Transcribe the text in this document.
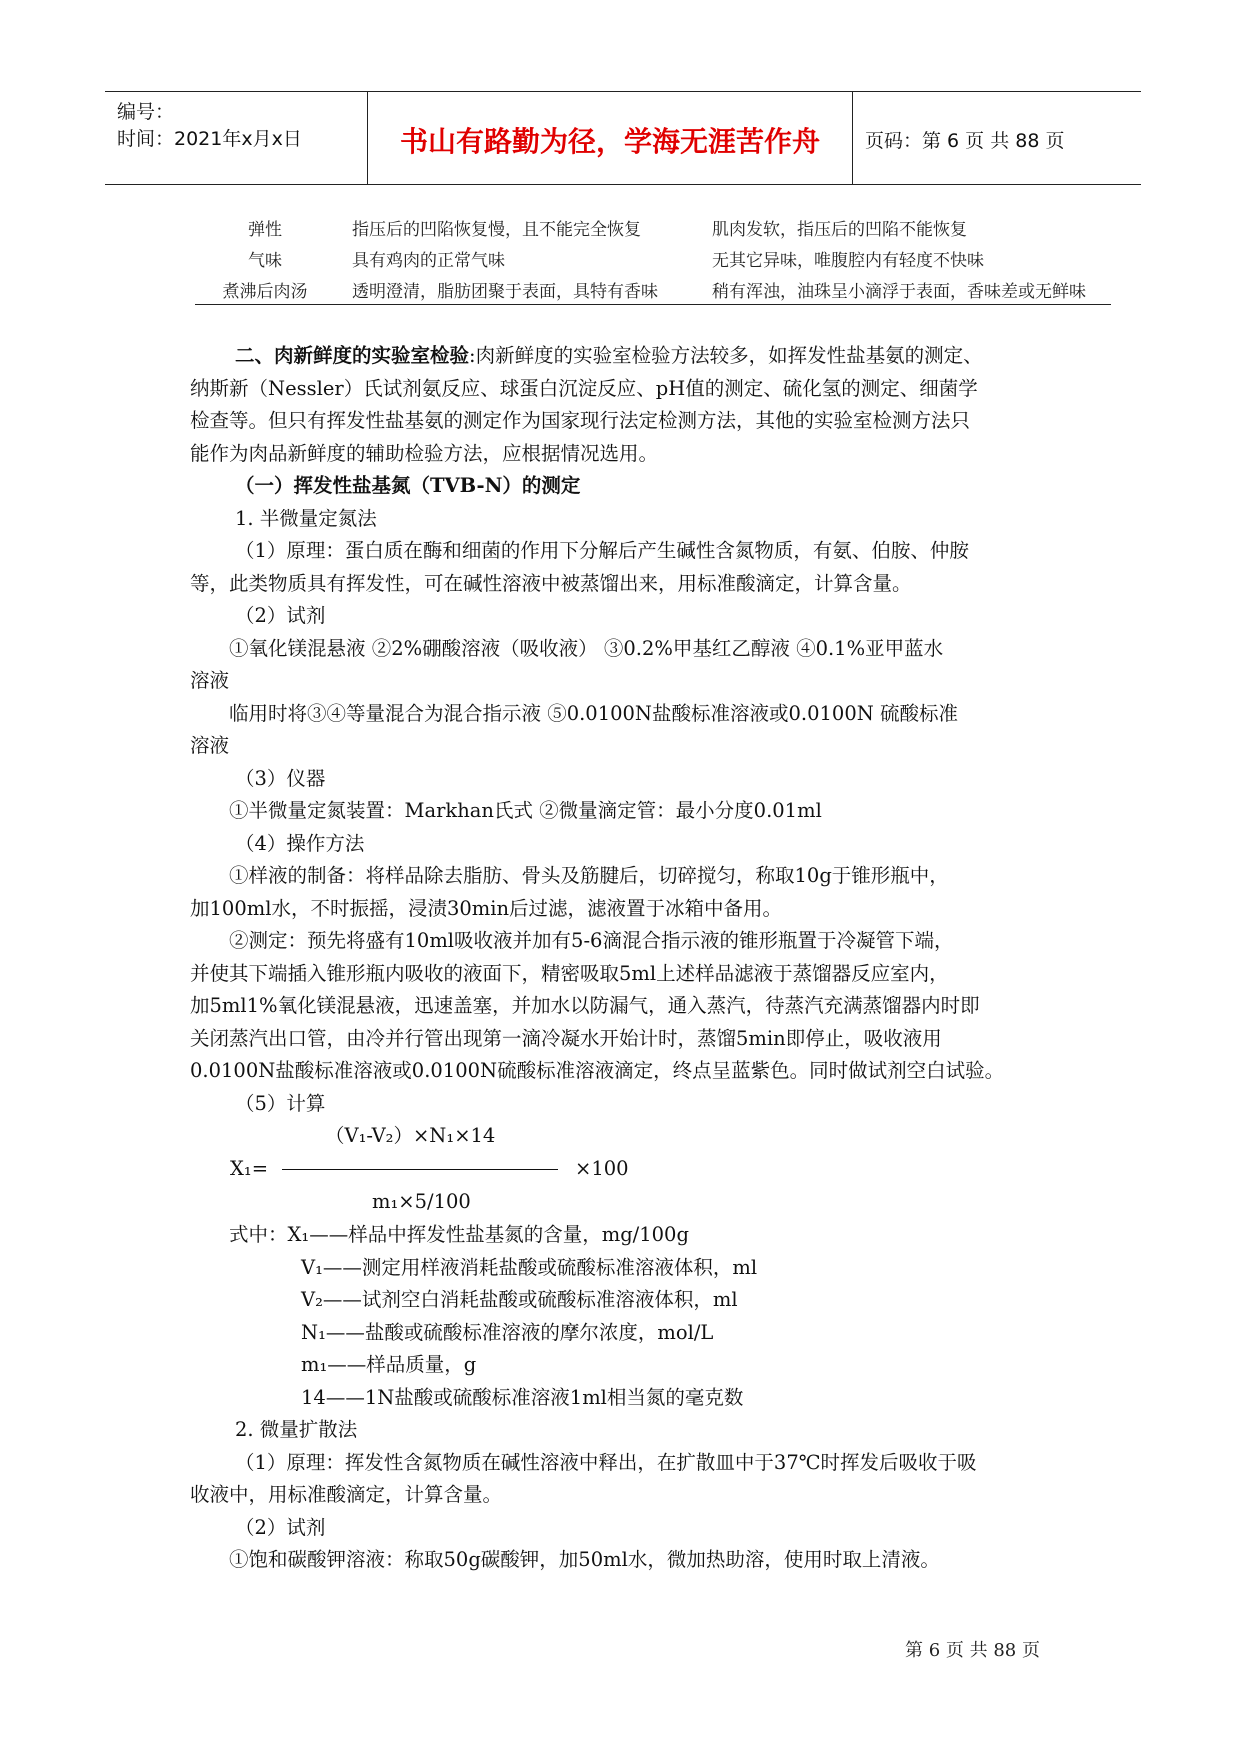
编号：
时间：2021年x月x日	书山有路勤为径，学海无涯苦作舟	页码：第 6 页 共 88 页
弹性	指压后的凹陷恢复慢，且不能完全恢复	肌肉发软，指压后的凹陷不能恢复
气味	具有鸡肉的正常气味	无其它异味，唯腹腔内有轻度不快味
煮沸后肉汤	透明澄清，脂肪团聚于表面，具特有香味	稍有浑浊，油珠呈小滴浮于表面，香味差或无鲜味
二、肉新鲜度的实验室检验:肉新鲜度的实验室检验方法较多，如挥发性盐基氨的测定、
纳斯新（Nessler）氏试剂氨反应、球蛋白沉淀反应、pH值的测定、硫化氢的测定、细菌学
检查等。但只有挥发性盐基氨的测定作为国家现行法定检测方法，其他的实验室检测方法只
能作为肉品新鲜度的辅助检验方法，应根据情况选用。
（一）挥发性盐基氮（TVB-N）的测定
1. 半微量定氮法
（1）原理：蛋白质在酶和细菌的作用下分解后产生碱性含氮物质，有氨、伯胺、仲胺
等，此类物质具有挥发性，可在碱性溶液中被蒸馏出来，用标准酸滴定，计算含量。
（2）试剂
①氧化镁混悬液 ②2%硼酸溶液（吸收液） ③0.2%甲基红乙醇液 ④0.1%亚甲蓝水
溶液
临用时将③④等量混合为混合指示液 ⑤0.0100N盐酸标准溶液或0.0100N 硫酸标准
溶液
（3）仪器
①半微量定氮装置：Markhan氏式 ②微量滴定管：最小分度0.01ml
（4）操作方法
①样液的制备：将样品除去脂肪、骨头及筋腱后，切碎搅匀，称取10g于锥形瓶中，
加100ml水，不时振摇，浸渍30min后过滤，滤液置于冰箱中备用。
②测定：预先将盛有10ml吸收液并加有5-6滴混合指示液的锥形瓶置于冷凝管下端，
并使其下端插入锥形瓶内吸收的液面下，精密吸取5ml上述样品滤液于蒸馏器反应室内，
加5ml1%氧化镁混悬液，迅速盖塞，并加水以防漏气，通入蒸汽，待蒸汽充满蒸馏器内时即
关闭蒸汽出口管，由冷并行管出现第一滴冷凝水开始计时，蒸馏5min即停止，吸收液用
0.0100N盐酸标准溶液或0.0100N硫酸标准溶液滴定，终点呈蓝紫色。同时做试剂空白试验。
（5）计算
（V₁-V₂）×N₁×14
X₁=	×100
m₁×5/100
式中：X₁——样品中挥发性盐基氮的含量，mg/100g
V₁——测定用样液消耗盐酸或硫酸标准溶液体积，ml
V₂——试剂空白消耗盐酸或硫酸标准溶液体积，ml
N₁——盐酸或硫酸标准溶液的摩尔浓度，mol/L
m₁——样品质量，g
14——1N盐酸或硫酸标准溶液1ml相当氮的毫克数
2. 微量扩散法
（1）原理：挥发性含氮物质在碱性溶液中释出，在扩散皿中于37℃时挥发后吸收于吸
收液中，用标准酸滴定，计算含量。
（2）试剂
①饱和碳酸钾溶液：称取50g碳酸钾，加50ml水，微加热助溶，使用时取上清液。
第 6 页 共 88 页
